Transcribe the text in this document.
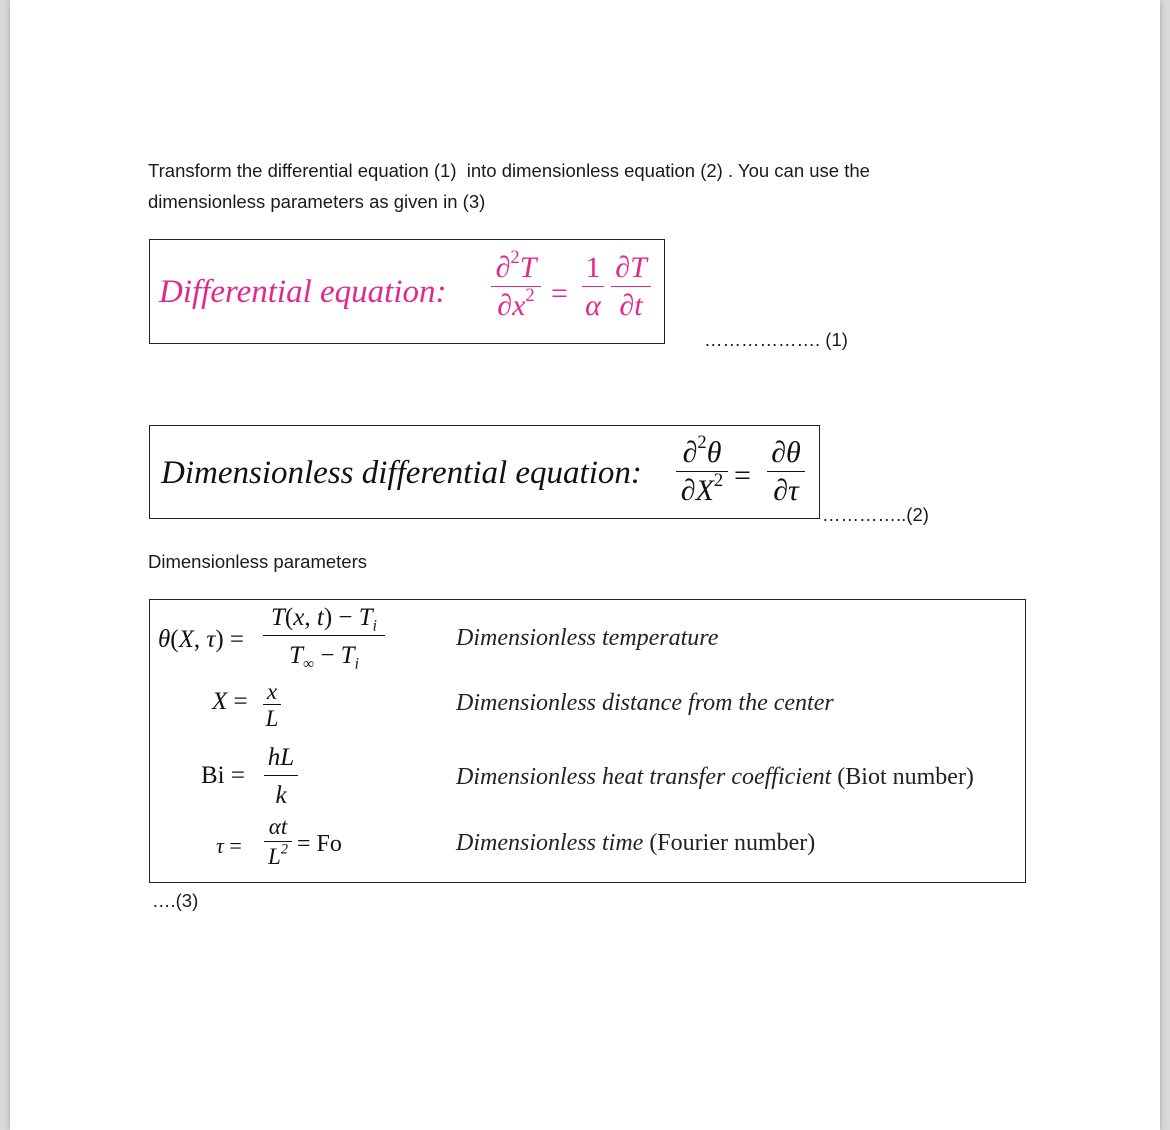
Transform the differential equation (1)  into dimensionless equation (2) . You can use the
dimensionless parameters as given in (3)
Differential equation:
∂$^2$T
$\partial x^2$ =
1
α
∂T
∂t
………………. (1)
Dimensionless differential equation:
∂$^2$θ
$\partial X^2$ =
∂θ
∂τ
…………..(2)
Dimensionless parameters
θ(X, τ) =
T(x, $t) - T_i$
$T_\infty - T_i$
Dimensionless temperature
X = x
L
Dimensionless distance from the center
Bi =
hL
k
Dimensionless heat transfer coefficient (Biot number)
τ =
αt
$L^2 = Fo$	Dimensionless time (Fourier number)
….(3)
